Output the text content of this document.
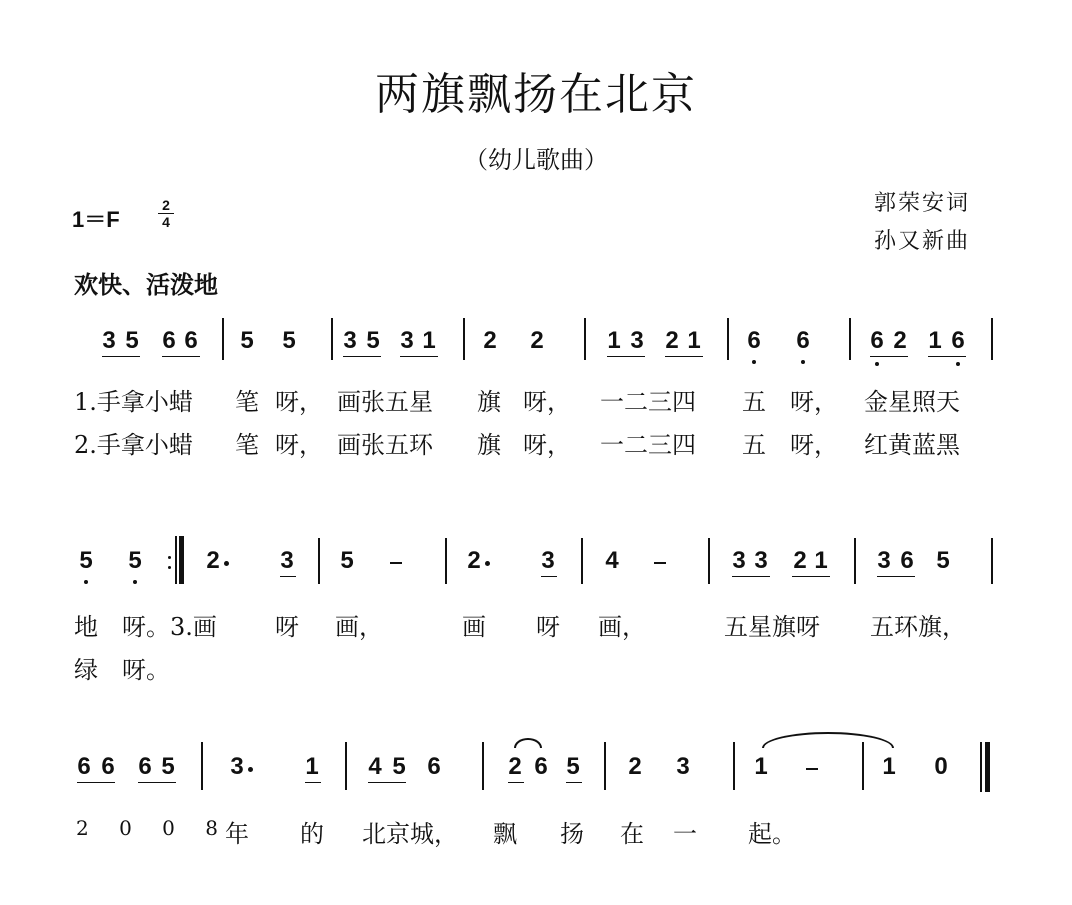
两旗飘扬在北京
（幼儿歌曲）
1＝F
2
4
郭荣安词
孙又新曲
欢快、活泼地
3 5 6 6 5 5 3 5 3 1 2 2	1 3 2 1 6 6	6 2 1 6
1.手拿小蜡 笔 呀， 画张五星 旗 呀， 一二三四 五 呀， 金星照天
2.手拿小蜡 笔 呀， 画张五环 旗 呀， 一二三四 五 呀， 红黄蓝黑
5 5	2	3 5	2	3 4	3 3 2 1 3 6 5
地 呀。 3.画 呀 画，	画 呀 画，	五星旗呀 五环旗，
绿 呀。
6 6 6 5 3	1 4 5 6	2 6 5 2 3	1	1 0
2 0 0 8
年 的 北京城， 飘 扬 在 一 起。
